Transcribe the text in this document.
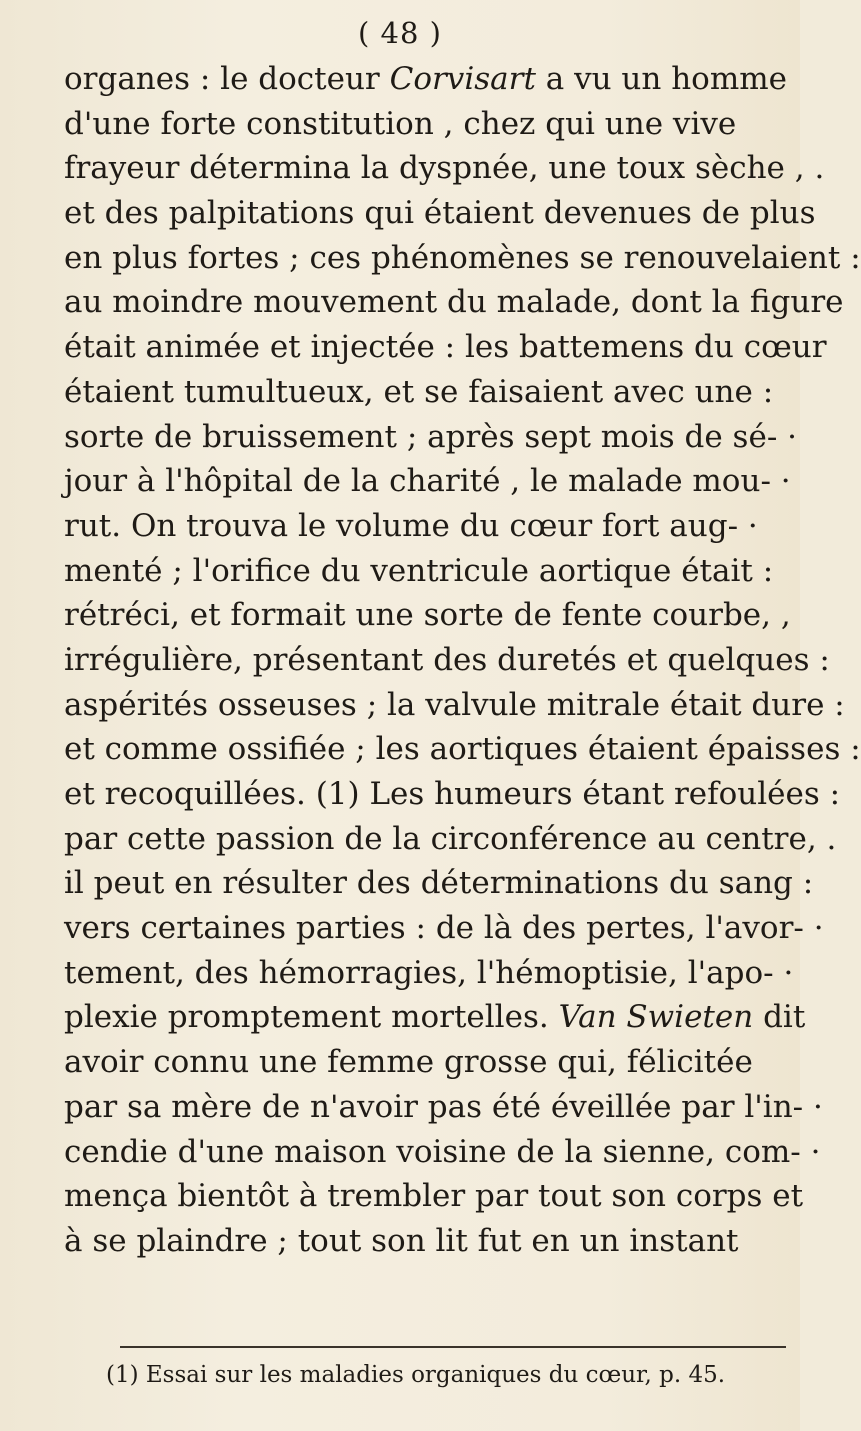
( 48 )
organes : le docteur Corvisart a vu un homme
d'une forte constitution , chez qui une vive
frayeur détermina la dyspnée, une toux sèche , .
et des palpitations qui étaient devenues de plus
en plus fortes ; ces phénomènes se renouvelaient :
au moindre mouvement du malade, dont la figure
était animée et injectée : les battemens du cœur
étaient tumultueux, et se faisaient avec une :
sorte de bruissement ; après sept mois de sé- ·
jour à l'hôpital de la charité , le malade mou- ·
rut. On trouva le volume du cœur fort aug- ·
menté ; l'orifice du ventricule aortique était :
rétréci, et formait une sorte de fente courbe, ,
irrégulière, présentant des duretés et quelques :
aspérités osseuses ; la valvule mitrale était dure :
et comme ossifiée ; les aortiques étaient épaisses :
et recoquillées. (1) Les humeurs étant refoulées :
par cette passion de la circonférence au centre, .
il peut en résulter des déterminations du sang :
vers certaines parties : de là des pertes, l'avor- ·
tement, des hémorragies, l'hémoptisie, l'apo- ·
plexie promptement mortelles. Van Swieten dit
avoir connu une femme grosse qui, félicitée
par sa mère de n'avoir pas été éveillée par l'in- ·
cendie d'une maison voisine de la sienne, com- ·
mença bientôt à trembler par tout son corps et
à se plaindre ; tout son lit fut en un instant
(1) Essai sur les maladies organiques du cœur, p. 45.
